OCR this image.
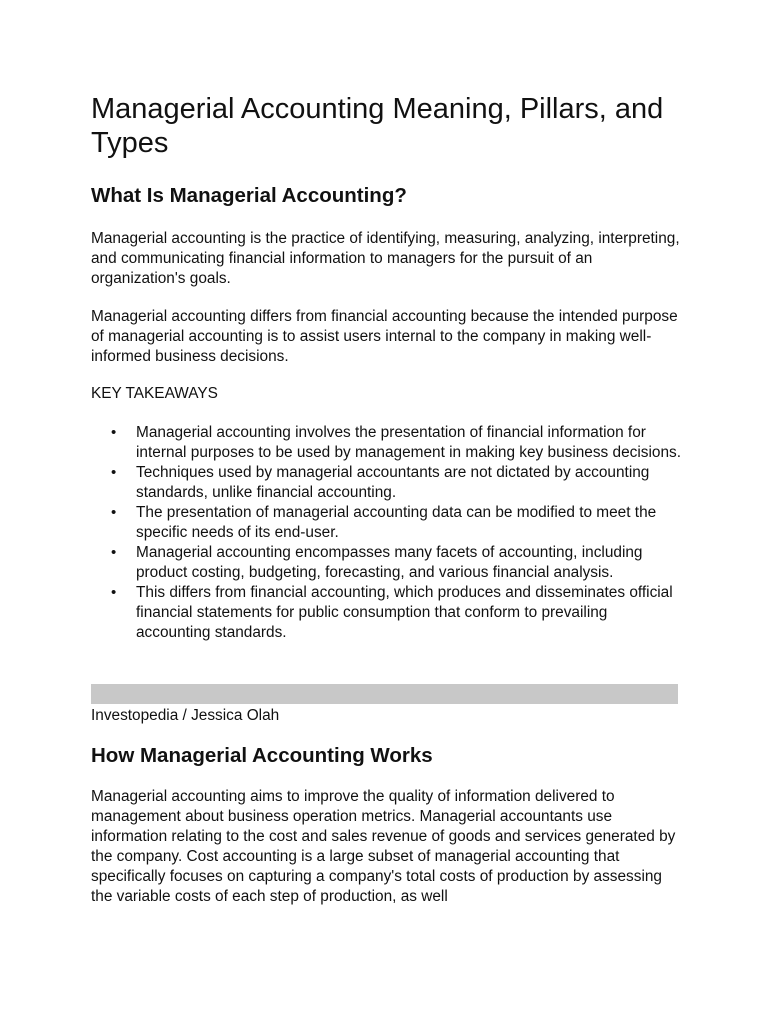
Managerial Accounting Meaning, Pillars, and Types
What Is Managerial Accounting?

Managerial accounting is the practice of identifying, measuring, analyzing, interpreting, and communicating financial information to managers for the pursuit of an organization's goals.

Managerial accounting differs from financial accounting because the intended purpose of managerial accounting is to assist users internal to the company in making well-informed business decisions.

KEY TAKEAWAYS

• Managerial accounting involves the presentation of financial information for internal purposes to be used by management in making key business decisions.
• Techniques used by managerial accountants are not dictated by accounting standards, unlike financial accounting.
• The presentation of managerial accounting data can be modified to meet the specific needs of its end-user.
• Managerial accounting encompasses many facets of accounting, including product costing, budgeting, forecasting, and various financial analysis.
• This differs from financial accounting, which produces and disseminates official financial statements for public consumption that conform to prevailing accounting standards.

Investopedia / Jessica Olah

How Managerial Accounting Works

Managerial accounting aims to improve the quality of information delivered to management about business operation metrics. Managerial accountants use information relating to the cost and sales revenue of goods and services generated by the company. Cost accounting is a large subset of managerial accounting that specifically focuses on capturing a company's total costs of production by assessing the variable costs of each step of production, as well
